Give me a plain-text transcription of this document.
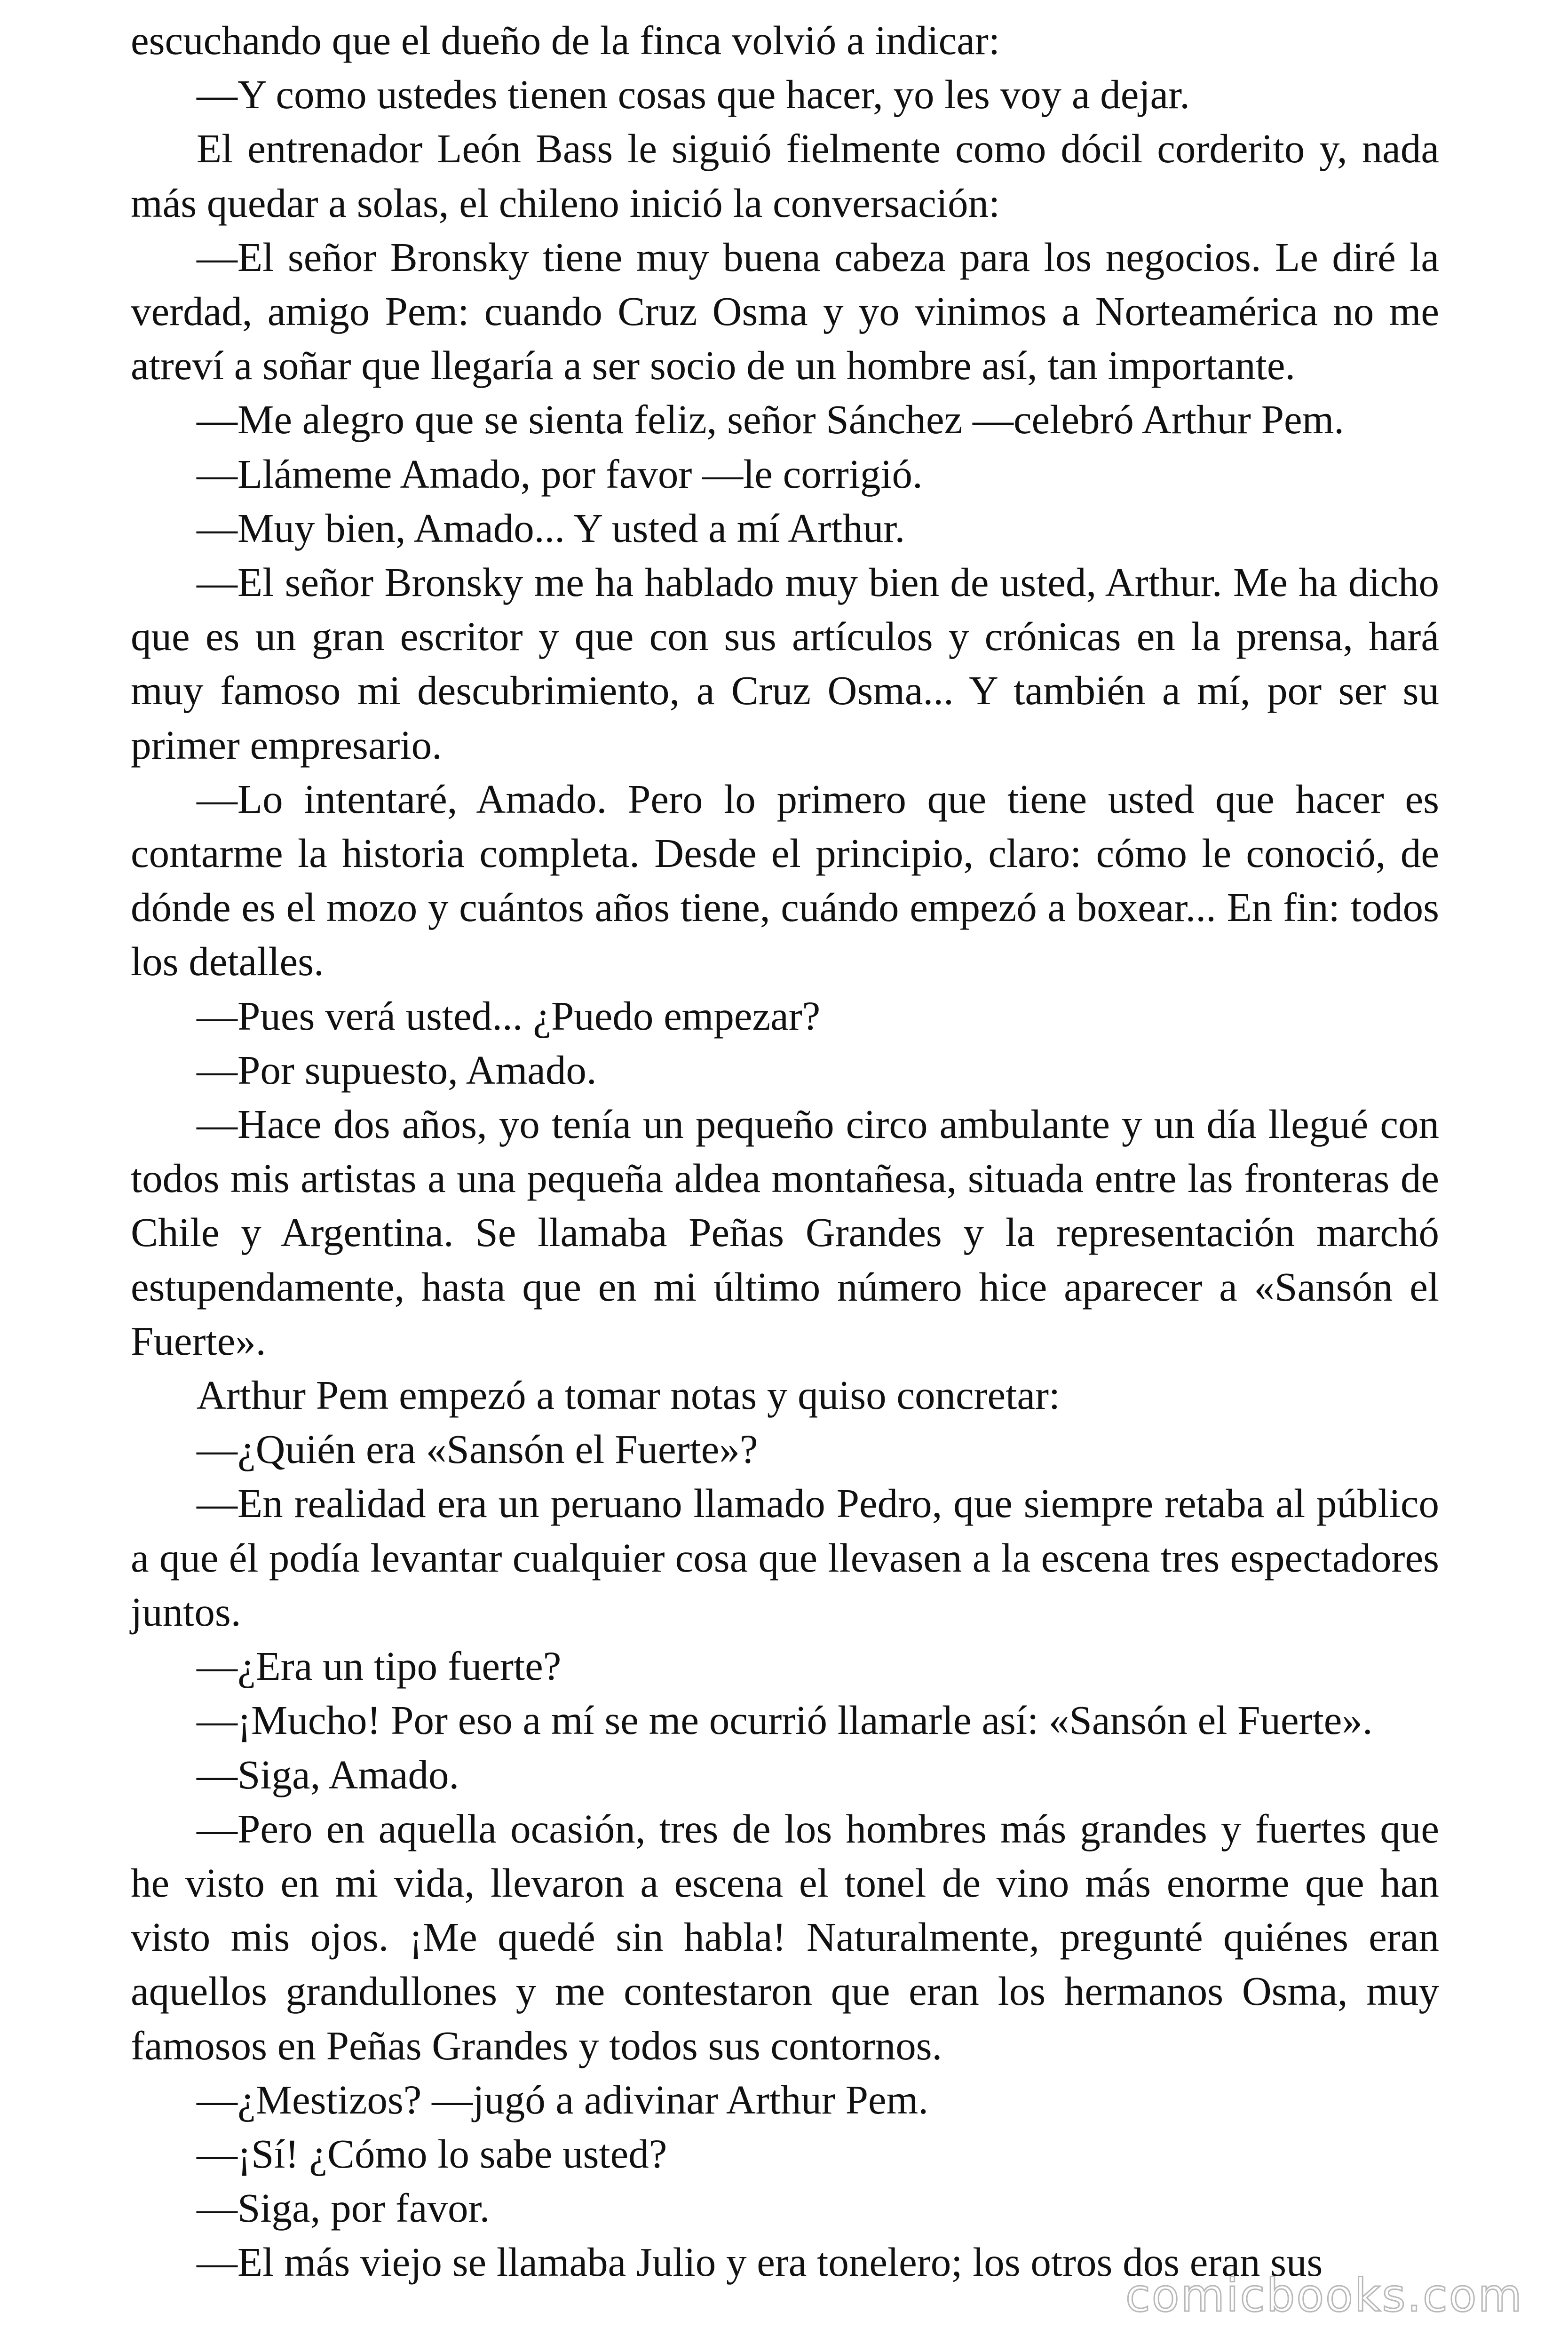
escuchando que el dueño de la finca volvió a indicar:

—Y como ustedes tienen cosas que hacer, yo les voy a dejar.

El entrenador León Bass le siguió fielmente como dócil corderito y, nada más quedar a solas, el chileno inició la conversación:

—El señor Bronsky tiene muy buena cabeza para los negocios. Le diré la verdad, amigo Pem: cuando Cruz Osma y yo vinimos a Norteamérica no me atreví a soñar que llegaría a ser socio de un hombre así, tan importante.

—Me alegro que se sienta feliz, señor Sánchez —celebró Arthur Pem.

—Llámeme Amado, por favor —le corrigió.

—Muy bien, Amado... Y usted a mí Arthur.

—El señor Bronsky me ha hablado muy bien de usted, Arthur. Me ha dicho que es un gran escritor y que con sus artículos y crónicas en la prensa, hará muy famoso mi descubrimiento, a Cruz Osma... Y también a mí, por ser su primer empresario.

—Lo intentaré, Amado. Pero lo primero que tiene usted que hacer es contarme la historia completa. Desde el principio, claro: cómo le conoció, de dónde es el mozo y cuántos años tiene, cuándo empezó a boxear... En fin: todos los detalles.

—Pues verá usted... ¿Puedo empezar?

—Por supuesto, Amado.

—Hace dos años, yo tenía un pequeño circo ambulante y un día llegué con todos mis artistas a una pequeña aldea montañesa, situada entre las fronteras de Chile y Argentina. Se llamaba Peñas Grandes y la representación marchó estupendamente, hasta que en mi último número hice aparecer a «Sansón el Fuerte».

Arthur Pem empezó a tomar notas y quiso concretar:

—¿Quién era «Sansón el Fuerte»?

—En realidad era un peruano llamado Pedro, que siempre retaba al público a que él podía levantar cualquier cosa que llevasen a la escena tres espectadores juntos.

—¿Era un tipo fuerte?

—¡Mucho! Por eso a mí se me ocurrió llamarle así: «Sansón el Fuerte».

—Siga, Amado.

—Pero en aquella ocasión, tres de los hombres más grandes y fuertes que he visto en mi vida, llevaron a escena el tonel de vino más enorme que han visto mis ojos. ¡Me quedé sin habla! Naturalmente, pregunté quiénes eran aquellos grandullones y me contestaron que eran los hermanos Osma, muy famosos en Peñas Grandes y todos sus contornos.

—¿Mestizos? —jugó a adivinar Arthur Pem.

—¡Sí! ¿Cómo lo sabe usted?

—Siga, por favor.

—El más viejo se llamaba Julio y era tonelero; los otros dos eran sus

comicbooks.com
